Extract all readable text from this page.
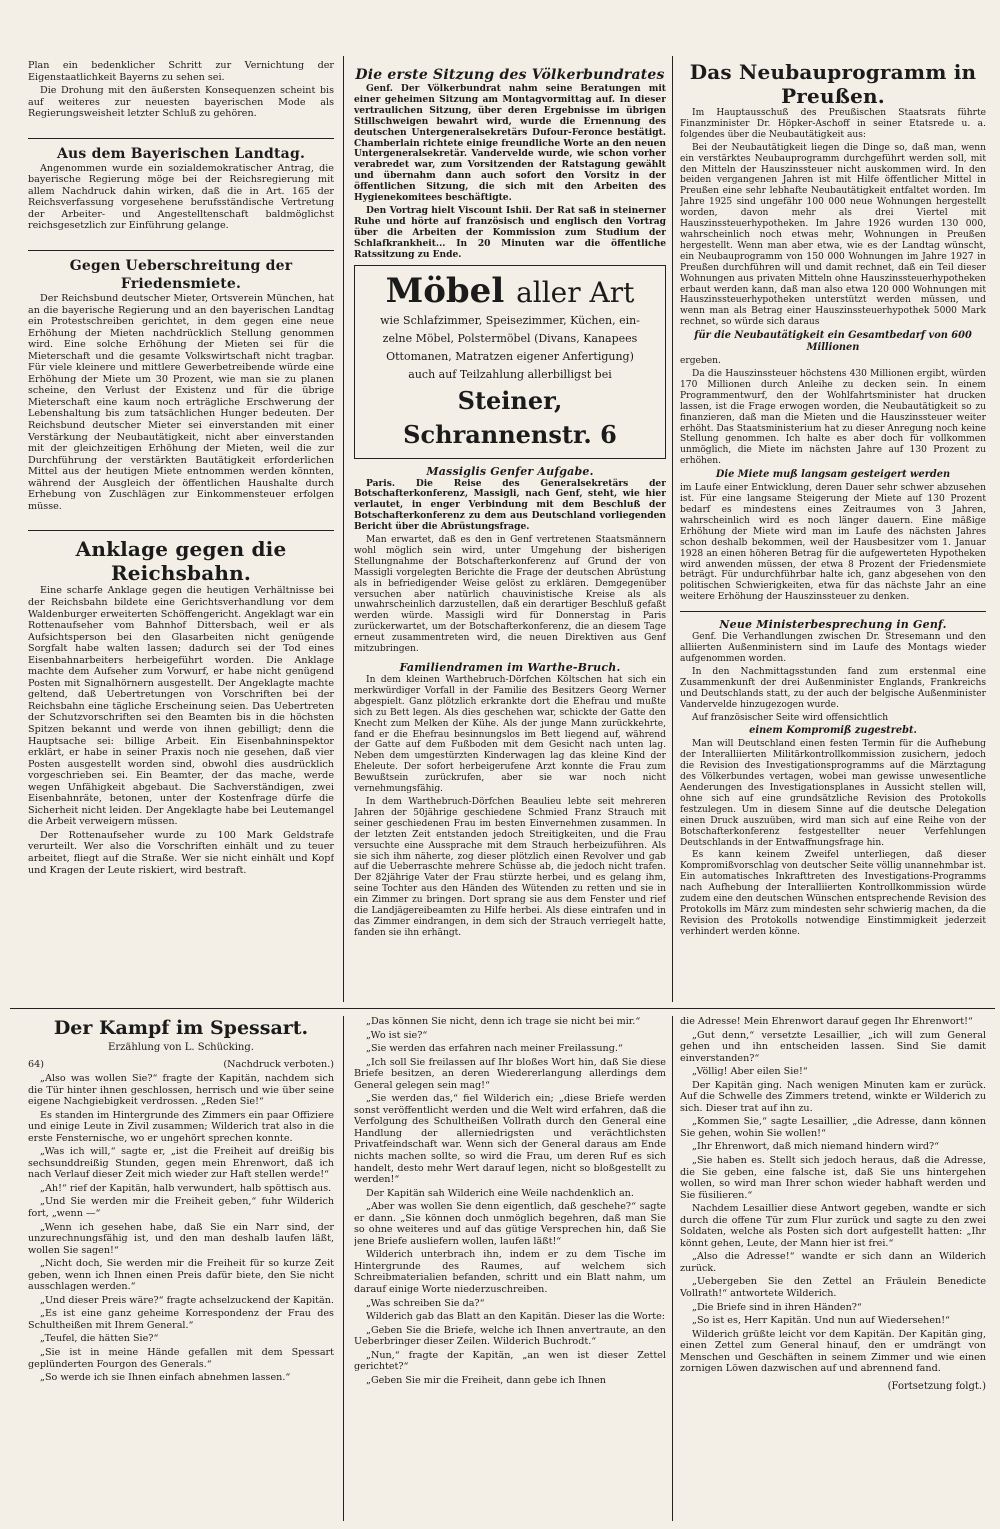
Plan ein bedenklicher Schritt zur Vernichtung der Eigenstaatlichkeit Bayerns zu sehen sei.

Die Drohung mit den äußersten Konsequenzen scheint bis auf weiteres zur neuesten bayerischen Mode als Regierungsweisheit letzter Schluß zu gehören.

Aus dem Bayerischen Landtag.

Angenommen wurde ein sozialdemokratischer Antrag, die bayerische Regierung möge bei der Reichsregierung mit allem Nachdruck dahin wirken, daß die in Art. 165 der Reichsverfassung vorgesehene berufsständische Vertretung der Arbeiter- und Angestelltenschaft baldmöglichst reichsgesetzlich zur Einführung gelange.

Gegen Ueberschreitung der Friedensmiete.

Der Reichsbund deutscher Mieter, Ortsverein München, hat an die bayerische Regierung und an den bayerischen Landtag ein Protestschreiben gerichtet, in dem gegen eine neue Erhöhung der Mieten nachdrücklich Stellung genommen wird. Eine solche Erhöhung der Mieten sei für die Mieterschaft und die gesamte Volkswirtschaft nicht tragbar. Für viele kleinere und mittlere Gewerbetreibende würde eine Erhöhung der Miete um 30 Prozent, wie man sie zu planen scheine, den Verlust der Existenz und für die übrige Mieterschaft eine kaum noch erträgliche Erschwerung der Lebenshaltung bis zum tatsächlichen Hunger bedeuten. Der Reichsbund deutscher Mieter sei einverstanden mit einer Verstärkung der Neubautätigkeit, nicht aber einverstanden mit der gleichzeitigen Erhöhung der Mieten, weil die zur Durchführung der verstärkten Bautätigkeit erforderlichen Mittel aus der heutigen Miete entnommen werden könnten, während der Ausgleich der öffentlichen Haushalte durch Erhebung von Zuschlägen zur Einkommensteuer erfolgen müsse.

Anklage gegen die Reichsbahn.

Eine scharfe Anklage gegen die heutigen Verhältnisse bei der Reichsbahn bildete eine Gerichtsverhandlung vor dem Waldenburger erweiterten Schöffengericht. Angeklagt war ein Rottenaufseher vom Bahnhof Dittersbach, weil er als Aufsichtsperson bei den Glasarbeiten nicht genügende Sorgfalt habe walten lassen; dadurch sei der Tod eines Eisenbahnarbeiters herbeigeführt worden. Die Anklage machte dem Aufseher zum Vorwurf, er habe nicht genügend Posten mit Signalhörnern ausgestellt. Der Angeklagte machte geltend, daß Uebertretungen von Vorschriften bei der Reichsbahn eine tägliche Erscheinung seien. Das Uebertreten der Schutzvorschriften sei den Beamten bis in die höchsten Spitzen bekannt und werde von ihnen gebilligt; denn die Hauptsache sei: billige Arbeit. Ein Eisenbahninspektor erklärt, er habe in seiner Praxis noch nie gesehen, daß vier Posten ausgestellt worden sind, obwohl dies ausdrücklich vorgeschrieben sei. Ein Beamter, der das mache, werde wegen Unfähigkeit abgebaut. Die Sachverständigen, zwei Eisenbahnräte, betonen, unter der Kostenfrage dürfe die Sicherheit nicht leiden. Der Angeklagte habe bei Leutemangel die Arbeit verweigern müssen.

Der Rottenaufseher wurde zu 100 Mark Geldstrafe verurteilt. Wer also die Vorschriften einhält und zu teuer arbeitet, fliegt auf die Straße. Wer sie nicht einhält und Kopf und Kragen der Leute riskiert, wird bestraft.

Die erste Sitzung des Völkerbundrates

Genf. Der Völkerbundrat nahm seine Beratungen mit einer geheimen Sitzung am Montagvormittag auf. In dieser vertraulichen Sitzung, über deren Ergebnisse im übrigen Stillschweigen bewahrt wird, wurde die Ernennung des deutschen Untergeneralsekretärs Dufour-Feronce bestätigt. Chamberlain richtete einige freundliche Worte an den neuen Untergeneralsekretär. Vandervelde wurde, wie schon vorher verabredet war, zum Vorsitzenden der Ratstagung gewählt und übernahm dann auch sofort den Vorsitz in der öffentlichen Sitzung, die sich mit den Arbeiten des Hygienekomitees beschäftigte.

Den Vortrag hielt Viscount Ishii. Der Rat saß in steinerner Ruhe und hörte auf französisch und englisch den Vortrag über die Arbeiten der Kommission zum Studium der Schlafkrankheit... In 20 Minuten war die öffentliche Ratssitzung zu Ende.

Möbel aller Art
wie Schlafzimmer, Speisezimmer, Küchen, ein-
zelne Möbel, Polstermöbel (Divans, Kanapees
Ottomanen, Matratzen eigener Anfertigung)
auch auf Teilzahlung allerbilligst bei
Steiner, Schrannenstr. 6
Massiglis Genfer Aufgabe.

Paris. Die Reise des Generalsekretärs der Botschafterkonferenz, Massigli, nach Genf, steht, wie hier verlautet, in enger Verbindung mit dem Beschluß der Botschafterkonferenz zu dem aus Deutschland vorliegenden Bericht über die Abrüstungsfrage.

Man erwartet, daß es den in Genf vertretenen Staatsmännern wohl möglich sein wird, unter Umgehung der bisherigen Stellungnahme der Botschafterkonferenz auf Grund der von Massigli vorgelegten Berichte die Frage der deutschen Abrüstung als in befriedigender Weise gelöst zu erklären. Demgegenüber versuchen aber natürlich chauvinistische Kreise als als unwahrscheinlich darzustellen, daß ein derartiger Beschluß gefaßt werden würde. Massigli wird für Donnerstag in Paris zurückerwartet, um der Botschafterkonferenz, die an diesem Tage erneut zusammentreten wird, die neuen Direktiven aus Genf mitzubringen.

Familiendramen im Warthe-Bruch.

In dem kleinen Warthebruch-Dörfchen Költschen hat sich ein merkwürdiger Vorfall in der Familie des Besitzers Georg Werner abgespielt. Ganz plötzlich erkrankte dort die Ehefrau und mußte sich zu Bett legen. Als dies geschehen war, schickte der Gatte den Knecht zum Melken der Kühe. Als der junge Mann zurückkehrte, fand er die Ehefrau besinnungslos im Bett liegend auf, während der Gatte auf dem Fußboden mit dem Gesicht nach unten lag. Neben dem umgestürzten Kinderwagen lag das kleine Kind der Eheleute. Der sofort herbeigerufene Arzt konnte die Frau zum Bewußtsein zurückrufen, aber sie war noch nicht vernehmungsfähig.

In dem Warthebruch-Dörfchen Beaulieu lebte seit mehreren Jahren der 50jährige geschiedene Schmied Franz Strauch mit seiner geschiedenen Frau im besten Einvernehmen zusammen. In der letzten Zeit entstanden jedoch Streitigkeiten, und die Frau versuchte eine Aussprache mit dem Strauch herbeizuführen. Als sie sich ihm näherte, zog dieser plötzlich einen Revolver und gab auf die Ueberraschte mehrere Schüsse ab, die jedoch nicht trafen. Der 82jährige Vater der Frau stürzte herbei, und es gelang ihm, seine Tochter aus den Händen des Wütenden zu retten und sie in ein Zimmer zu bringen. Dort sprang sie aus dem Fenster und rief die Landjägereibeamten zu Hilfe herbei. Als diese eintrafen und in das Zimmer eindrangen, in dem sich der Strauch verriegelt hatte, fanden sie ihn erhängt.

Das Neubauprogramm in Preußen.

Im Hauptausschuß des Preußischen Staatsrats führte Finanzminister Dr. Höpker-Aschoff in seiner Etatsrede u. a. folgendes über die Neubautätigkeit aus:

Bei der Neubautätigkeit liegen die Dinge so, daß man, wenn ein verstärktes Neubauprogramm durchgeführt werden soll, mit den Mitteln der Hauszinssteuer nicht auskommen wird. In den beiden vergangenen Jahren ist mit Hilfe öffentlicher Mittel in Preußen eine sehr lebhafte Neubautätigkeit entfaltet worden. Im Jahre 1925 sind ungefähr 100 000 neue Wohnungen hergestellt worden, davon mehr als drei Viertel mit Hauszinssteuerhypotheken. Im Jahre 1926 wurden 130 000, wahrscheinlich noch etwas mehr, Wohnungen in Preußen hergestellt. Wenn man aber etwa, wie es der Landtag wünscht, ein Neubauprogramm von 150 000 Wohnungen im Jahre 1927 in Preußen durchführen will und damit rechnet, daß ein Teil dieser Wohnungen aus privaten Mitteln ohne Hauszinssteuerhypotheken erbaut werden kann, daß man also etwa 120 000 Wohnungen mit Hauszinssteuerhypotheken unterstützt werden müssen, und wenn man als Betrag einer Hauszinssteuerhypothek 5000 Mark rechnet, so würde sich daraus

für die Neubautätigkeit ein Gesamtbedarf von 600 Millionen

ergeben.

Da die Hauszinssteuer höchstens 430 Millionen ergibt, würden 170 Millionen durch Anleihe zu decken sein. In einem Programmentwurf, den der Wohlfahrtsminister hat drucken lassen, ist die Frage erwogen worden, die Neubautätigkeit so zu finanzieren, daß man die Mieten und die Hauszinssteuer weiter erhöht. Das Staatsministerium hat zu dieser Anregung noch keine Stellung genommen. Ich halte es aber doch für vollkommen unmöglich, die Miete im nächsten Jahre auf 130 Prozent zu erhöhen.

Die Miete muß langsam gesteigert werden

im Laufe einer Entwicklung, deren Dauer sehr schwer abzusehen ist. Für eine langsame Steigerung der Miete auf 130 Prozent bedarf es mindestens eines Zeitraumes von 3 Jahren, wahrscheinlich wird es noch länger dauern. Eine mäßige Erhöhung der Miete wird man im Laufe des nächsten Jahres schon deshalb bekommen, weil der Hausbesitzer vom 1. Januar 1928 an einen höheren Betrag für die aufgewerteten Hypotheken wird anwenden müssen, der etwa 8 Prozent der Friedensmiete beträgt. Für undurchführbar halte ich, ganz abgesehen von den politischen Schwierigkeiten, etwa für das nächste Jahr an eine weitere Erhöhung der Hauszinssteuer zu denken.

Neue Ministerbesprechung in Genf.

Genf. Die Verhandlungen zwischen Dr. Stresemann und den alliierten Außenministern sind im Laufe des Montags wieder aufgenommen worden.

In den Nachmittagsstunden fand zum erstenmal eine Zusammenkunft der drei Außenminister Englands, Frankreichs und Deutschlands statt, zu der auch der belgische Außenminister Vandervelde hinzugezogen wurde.

Auf französischer Seite wird offensichtlich

einem Kompromiß zugestrebt.

Man will Deutschland einen festen Termin für die Aufhebung der Interalliierten Militärkontrollkommission zusichern, jedoch die Revision des Investigationsprogramms auf die Märztagung des Völkerbundes vertagen, wobei man gewisse unwesentliche Aenderungen des Investigationsplanes in Aussicht stellen will, ohne sich auf eine grundsätzliche Revision des Protokolls festzulegen. Um in diesem Sinne auf die deutsche Delegation einen Druck auszuüben, wird man sich auf eine Reihe von der Botschafterkonferenz festgestellter neuer Verfehlungen Deutschlands in der Entwaffnungsfrage hin.

Es kann keinem Zweifel unterliegen, daß dieser Kompromißvorschlag von deutscher Seite völlig unannehmbar ist. Ein automatisches Inkrafttreten des Investigations-Programms nach Aufhebung der Interalliierten Kontrollkommission würde zudem eine den deutschen Wünschen entsprechende Revision des Protokolls im März zum mindesten sehr schwierig machen, da die Revision des Protokolls notwendige Einstimmigkeit jederzeit verhindert werden könne.

Der Kampf im Spessart.
Erzählung von L. Schücking.
64)	(Nachdruck verboten.)

„Also was wollen Sie?“ fragte der Kapitän, nachdem sich die Tür hinter ihnen geschlossen, herrisch und wie über seine eigene Nachgiebigkeit verdrossen. „Reden Sie!“

Es standen im Hintergrunde des Zimmers ein paar Offiziere und einige Leute in Zivil zusammen; Wilderich trat also in die erste Fensternische, wo er ungehört sprechen konnte.

„Was ich will,“ sagte er, „ist die Freiheit auf dreißig bis sechsunddreißig Stunden, gegen mein Ehrenwort, daß ich nach Verlauf dieser Zeit mich wieder zur Haft stellen werde!“

„Ah!“ rief der Kapitän, halb verwundert, halb spöttisch aus.

„Und Sie werden mir die Freiheit geben,“ fuhr Wilderich fort, „wenn —“

„Wenn ich gesehen habe, daß Sie ein Narr sind, der unzurechnungsfähig ist, und den man deshalb laufen läßt, wollen Sie sagen!“

„Nicht doch, Sie werden mir die Freiheit für so kurze Zeit geben, wenn ich Ihnen einen Preis dafür biete, den Sie nicht ausschlagen werden.“

„Und dieser Preis wäre?“ fragte achselzuckend der Kapitän.

„Es ist eine ganz geheime Korrespondenz der Frau des Schultheißen mit Ihrem General.“

„Teufel, die hätten Sie?“

„Sie ist in meine Hände gefallen mit dem Spessart geplünderten Fourgon des Generals.“

„So werde ich sie Ihnen einfach abnehmen lassen.“

„Das können Sie nicht, denn ich trage sie nicht bei mir.“

„Wo ist sie?“

„Sie werden das erfahren nach meiner Freilassung.“

„Ich soll Sie freilassen auf Ihr bloßes Wort hin, daß Sie diese Briefe besitzen, an deren Wiedererlangung allerdings dem General gelegen sein mag!“

„Sie werden das,“ fiel Wilderich ein; „diese Briefe werden sonst veröffentlicht werden und die Welt wird erfahren, daß die Verfolgung des Schultheißen Vollrath durch den General eine Handlung der allerniedrigsten und verächtlichsten Privatfeindschaft war. Wenn sich der General daraus am Ende nichts machen sollte, so wird die Frau, um deren Ruf es sich handelt, desto mehr Wert darauf legen, nicht so bloßgestellt zu werden!“

Der Kapitän sah Wilderich eine Weile nachdenklich an.

„Aber was wollen Sie denn eigentlich, daß geschehe?“ sagte er dann. „Sie können doch unmöglich begehren, daß man Sie so ohne weiteres und auf das gütige Versprechen hin, daß Sie jene Briefe ausliefern wollen, laufen läßt!“

Wilderich unterbrach ihn, indem er zu dem Tische im Hintergrunde des Raumes, auf welchem sich Schreibmaterialien befanden, schritt und ein Blatt nahm, um darauf einige Worte niederzuschreiben.

„Was schreiben Sie da?“

Wilderich gab das Blatt an den Kapitän. Dieser las die Worte:

„Geben Sie die Briefe, welche ich Ihnen anvertraute, an den Ueberbringer dieser Zeilen. Wilderich Buchrodt.“

„Nun,“ fragte der Kapitän, „an wen ist dieser Zettel gerichtet?“

„Geben Sie mir die Freiheit, dann gebe ich Ihnen

die Adresse! Mein Ehrenwort darauf gegen Ihr Ehrenwort!“

„Gut denn,“ versetzte Lesaillier, „ich will zum General gehen und ihn entscheiden lassen. Sind Sie damit einverstanden?“

„Völlig! Aber eilen Sie!“

Der Kapitän ging. Nach wenigen Minuten kam er zurück. Auf die Schwelle des Zimmers tretend, winkte er Wilderich zu sich. Dieser trat auf ihn zu.

„Kommen Sie,“ sagte Lesaillier, „die Adresse, dann können Sie gehen, wohin Sie wollen!“

„Ihr Ehrenwort, daß mich niemand hindern wird?“

„Sie haben es. Stellt sich jedoch heraus, daß die Adresse, die Sie geben, eine falsche ist, daß Sie uns hintergehen wollen, so wird man Ihrer schon wieder habhaft werden und Sie füsilieren.“

Nachdem Lesaillier diese Antwort gegeben, wandte er sich durch die offene Tür zum Flur zurück und sagte zu den zwei Soldaten, welche als Posten sich dort aufgestellt hatten: „Ihr könnt gehen, Leute, der Mann hier ist frei.“

„Also die Adresse!“ wandte er sich dann an Wilderich zurück.

„Uebergeben Sie den Zettel an Fräulein Benedicte Vollrath!“ antwortete Wilderich.

„Die Briefe sind in ihren Händen?“

„So ist es, Herr Kapitän. Und nun auf Wiedersehen!“

Wilderich grüßte leicht vor dem Kapitän. Der Kapitän ging, einen Zettel zum General hinauf, den er umdrängt von Menschen und Geschäften in seinem Zimmer und wie einen zornigen Löwen dazwischen auf und abrennend fand.

(Fortsetzung folgt.)
